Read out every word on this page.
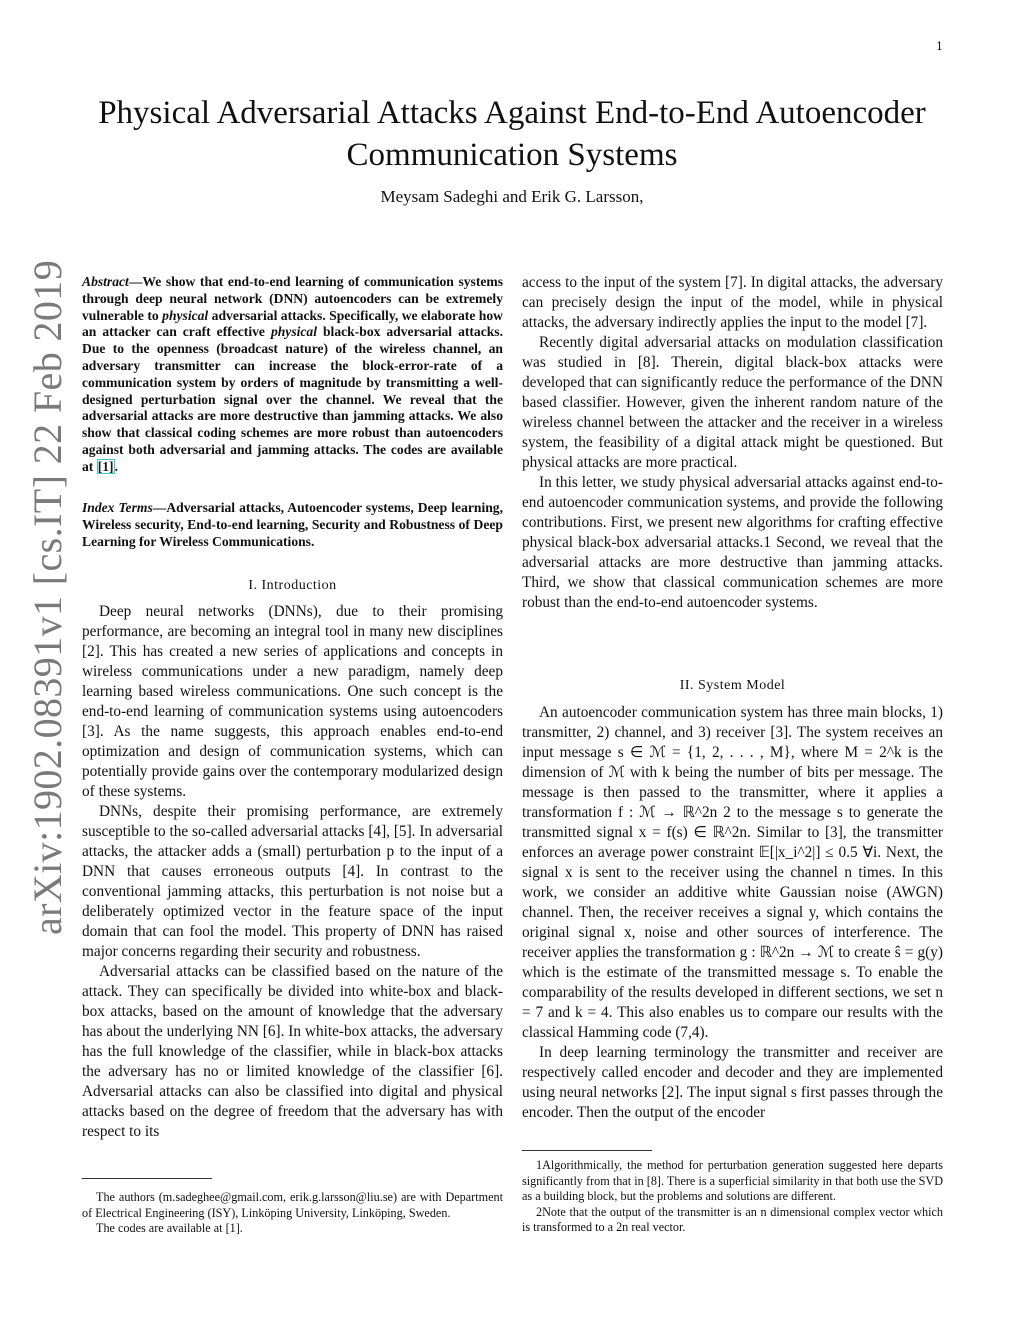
1
arXiv:1902.08391v1 [cs.IT] 22 Feb 2019
Physical Adversarial Attacks Against End-to-End Autoencoder Communication Systems
Meysam Sadeghi and Erik G. Larsson,
Abstract—We show that end-to-end learning of communication systems through deep neural network (DNN) autoencoders can be extremely vulnerable to physical adversarial attacks. Specifically, we elaborate how an attacker can craft effective physical black-box adversarial attacks. Due to the openness (broadcast nature) of the wireless channel, an adversary transmitter can increase the block-error-rate of a communication system by orders of magnitude by transmitting a well-designed perturbation signal over the channel. We reveal that the adversarial attacks are more destructive than jamming attacks. We also show that classical coding schemes are more robust than autoencoders against both adversarial and jamming attacks. The codes are available at [1].
Index Terms—Adversarial attacks, Autoencoder systems, Deep learning, Wireless security, End-to-end learning, Security and Robustness of Deep Learning for Wireless Communications.
I. Introduction

Deep neural networks (DNNs), due to their promising performance, are becoming an integral tool in many new disciplines [2]. This has created a new series of applications and concepts in wireless communications under a new paradigm, namely deep learning based wireless communications. One such concept is the end-to-end learning of communication systems using autoencoders [3]. As the name suggests, this approach enables end-to-end optimization and design of communication systems, which can potentially provide gains over the contemporary modularized design of these systems.

DNNs, despite their promising performance, are extremely susceptible to the so-called adversarial attacks [4], [5]. In adversarial attacks, the attacker adds a (small) perturbation p to the input of a DNN that causes erroneous outputs [4]. In contrast to the conventional jamming attacks, this perturbation is not noise but a deliberately optimized vector in the feature space of the input domain that can fool the model. This property of DNN has raised major concerns regarding their security and robustness.

Adversarial attacks can be classified based on the nature of the attack. They can specifically be divided into white-box and black-box attacks, based on the amount of knowledge that the adversary has about the underlying NN [6]. In white-box attacks, the adversary has the full knowledge of the classifier, while in black-box attacks the adversary has no or limited knowledge of the classifier [6]. Adversarial attacks can also be classified into digital and physical attacks based on the degree of freedom that the adversary has with respect to its

access to the input of the system [7]. In digital attacks, the adversary can precisely design the input of the model, while in physical attacks, the adversary indirectly applies the input to the model [7].

Recently digital adversarial attacks on modulation classification was studied in [8]. Therein, digital black-box attacks were developed that can significantly reduce the performance of the DNN based classifier. However, given the inherent random nature of the wireless channel between the attacker and the receiver in a wireless system, the feasibility of a digital attack might be questioned. But physical attacks are more practical.

In this letter, we study physical adversarial attacks against end-to-end autoencoder communication systems, and provide the following contributions. First, we present new algorithms for crafting effective physical black-box adversarial attacks.1 Second, we reveal that the adversarial attacks are more destructive than jamming attacks. Third, we show that classical communication schemes are more robust than the end-to-end autoencoder systems.

II. System Model

An autoencoder communication system has three main blocks, 1) transmitter, 2) channel, and 3) receiver [3]. The system receives an input message s ∈ ℳ = {1, 2, . . . , M}, where M = 2^k is the dimension of ℳ with k being the number of bits per message. The message is then passed to the transmitter, where it applies a transformation f : ℳ → ℝ^2n 2 to the message s to generate the transmitted signal x = f(s) ∈ ℝ^2n. Similar to [3], the transmitter enforces an average power constraint 𝔼[|x_i^2|] ≤ 0.5 ∀i. Next, the signal x is sent to the receiver using the channel n times. In this work, we consider an additive white Gaussian noise (AWGN) channel. Then, the receiver receives a signal y, which contains the original signal x, noise and other sources of interference. The receiver applies the transformation g : ℝ^2n → ℳ to create ŝ = g(y) which is the estimate of the transmitted message s. To enable the comparability of the results developed in different sections, we set n = 7 and k = 4. This also enables us to compare our results with the classical Hamming code (7,4).

In deep learning terminology the transmitter and receiver are respectively called encoder and decoder and they are implemented using neural networks [2]. The input signal s first passes through the encoder. Then the output of the encoder

The authors (m.sadeghee@gmail.com, erik.g.larsson@liu.se) are with Department of Electrical Engineering (ISY), Linköping University, Linköping, Sweden.

The codes are available at [1].

1Algorithmically, the method for perturbation generation suggested here departs significantly from that in [8]. There is a superficial similarity in that both use the SVD as a building block, but the problems and solutions are different.

2Note that the output of the transmitter is an n dimensional complex vector which is transformed to a 2n real vector.
